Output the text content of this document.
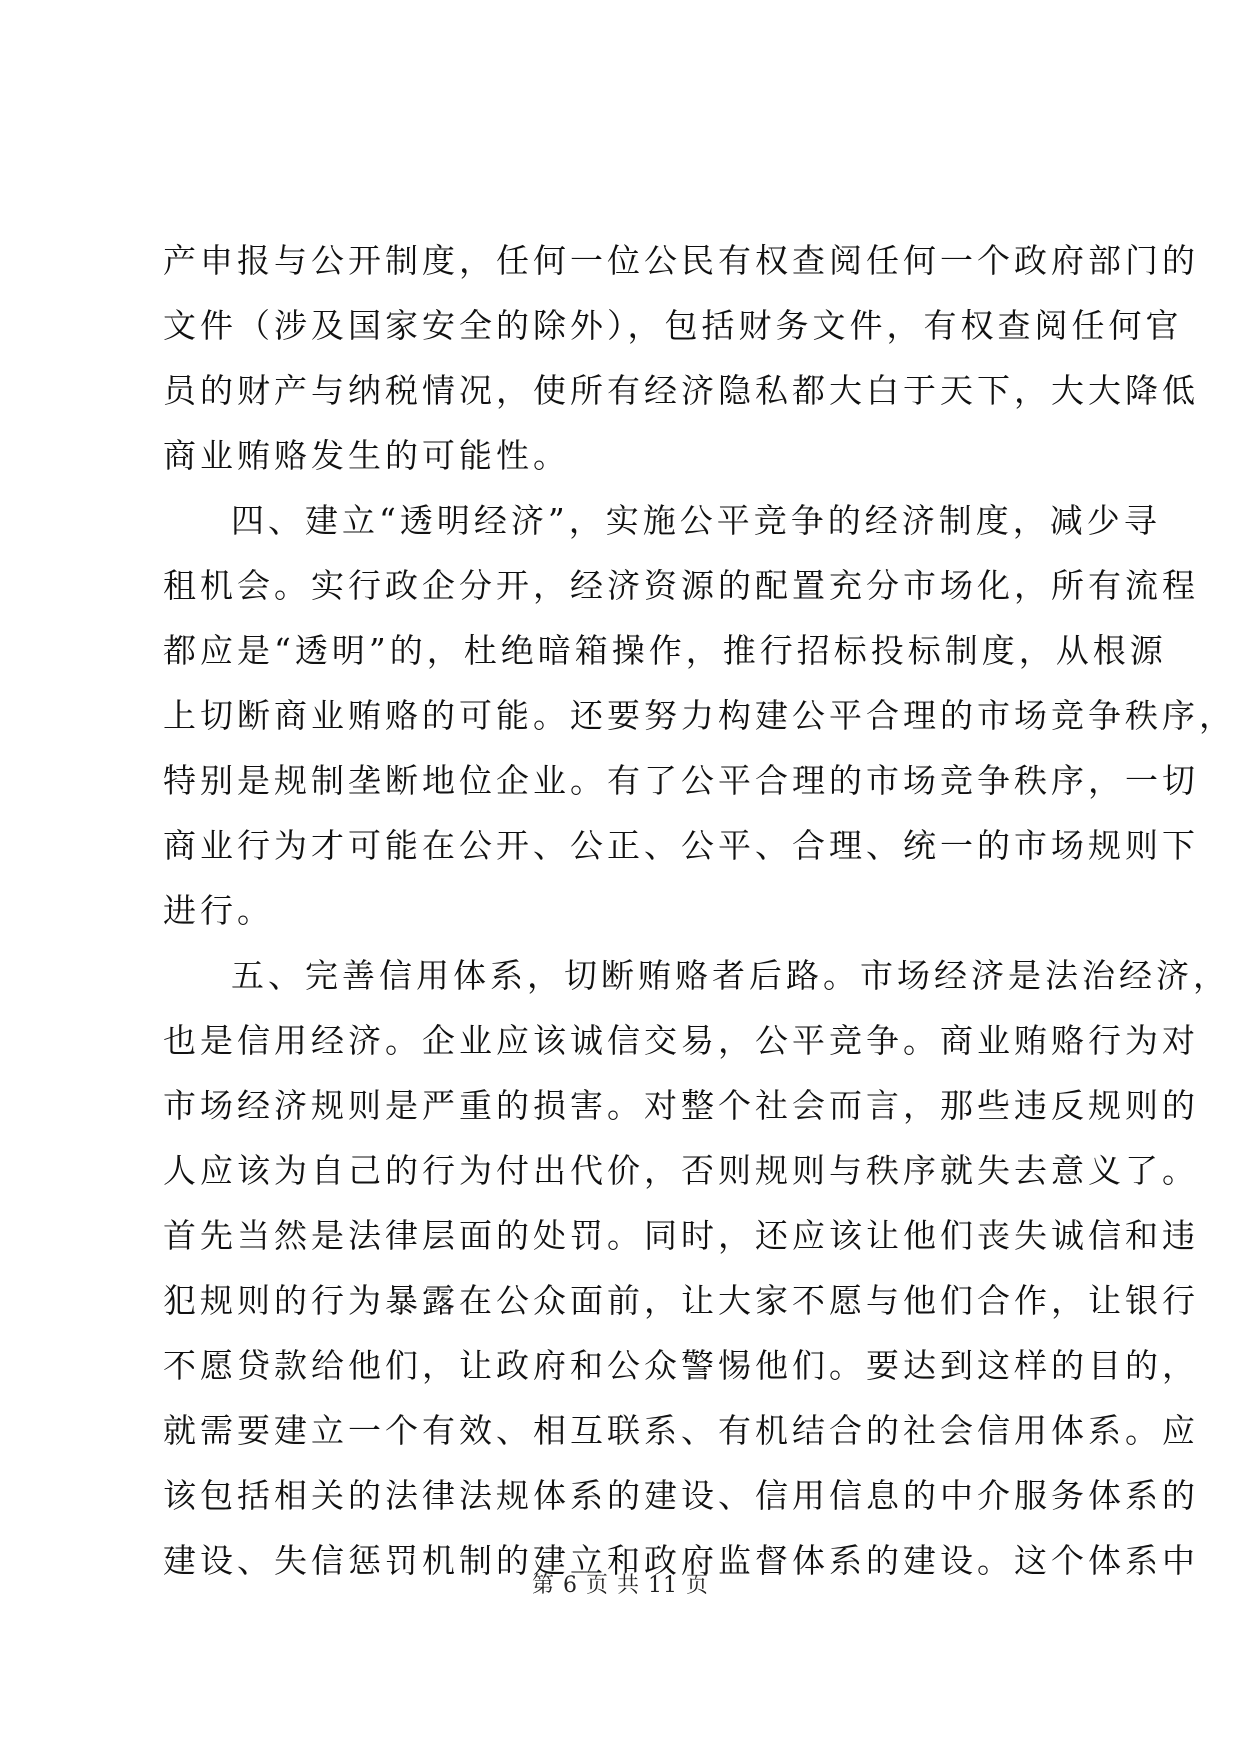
产申报与公开制度，任何一位公民有权查阅任何一个政府部门的
文件（涉及国家安全的除外），包括财务文件，有权查阅任何官
员的财产与纳税情况，使所有经济隐私都大白于天下，大大降低
商业贿赂发生的可能性。
四、建立“透明经济”，实施公平竞争的经济制度，减少寻
租机会。实行政企分开，经济资源的配置充分市场化，所有流程
都应是“透明”的，杜绝暗箱操作，推行招标投标制度，从根源
上切断商业贿赂的可能。还要努力构建公平合理的市场竞争秩序，
特别是规制垄断地位企业。有了公平合理的市场竞争秩序，一切
商业行为才可能在公开、公正、公平、合理、统一的市场规则下
进行。
五、完善信用体系，切断贿赂者后路。市场经济是法治经济，
也是信用经济。企业应该诚信交易，公平竞争。商业贿赂行为对
市场经济规则是严重的损害。对整个社会而言，那些违反规则的
人应该为自己的行为付出代价，否则规则与秩序就失去意义了。
首先当然是法律层面的处罚。同时，还应该让他们丧失诚信和违
犯规则的行为暴露在公众面前，让大家不愿与他们合作，让银行
不愿贷款给他们，让政府和公众警惕他们。要达到这样的目的，
就需要建立一个有效、相互联系、有机结合的社会信用体系。应
该包括相关的法律法规体系的建设、信用信息的中介服务体系的
建设、失信惩罚机制的建立和政府监督体系的建设。这个体系中
第 6 页 共 11 页
